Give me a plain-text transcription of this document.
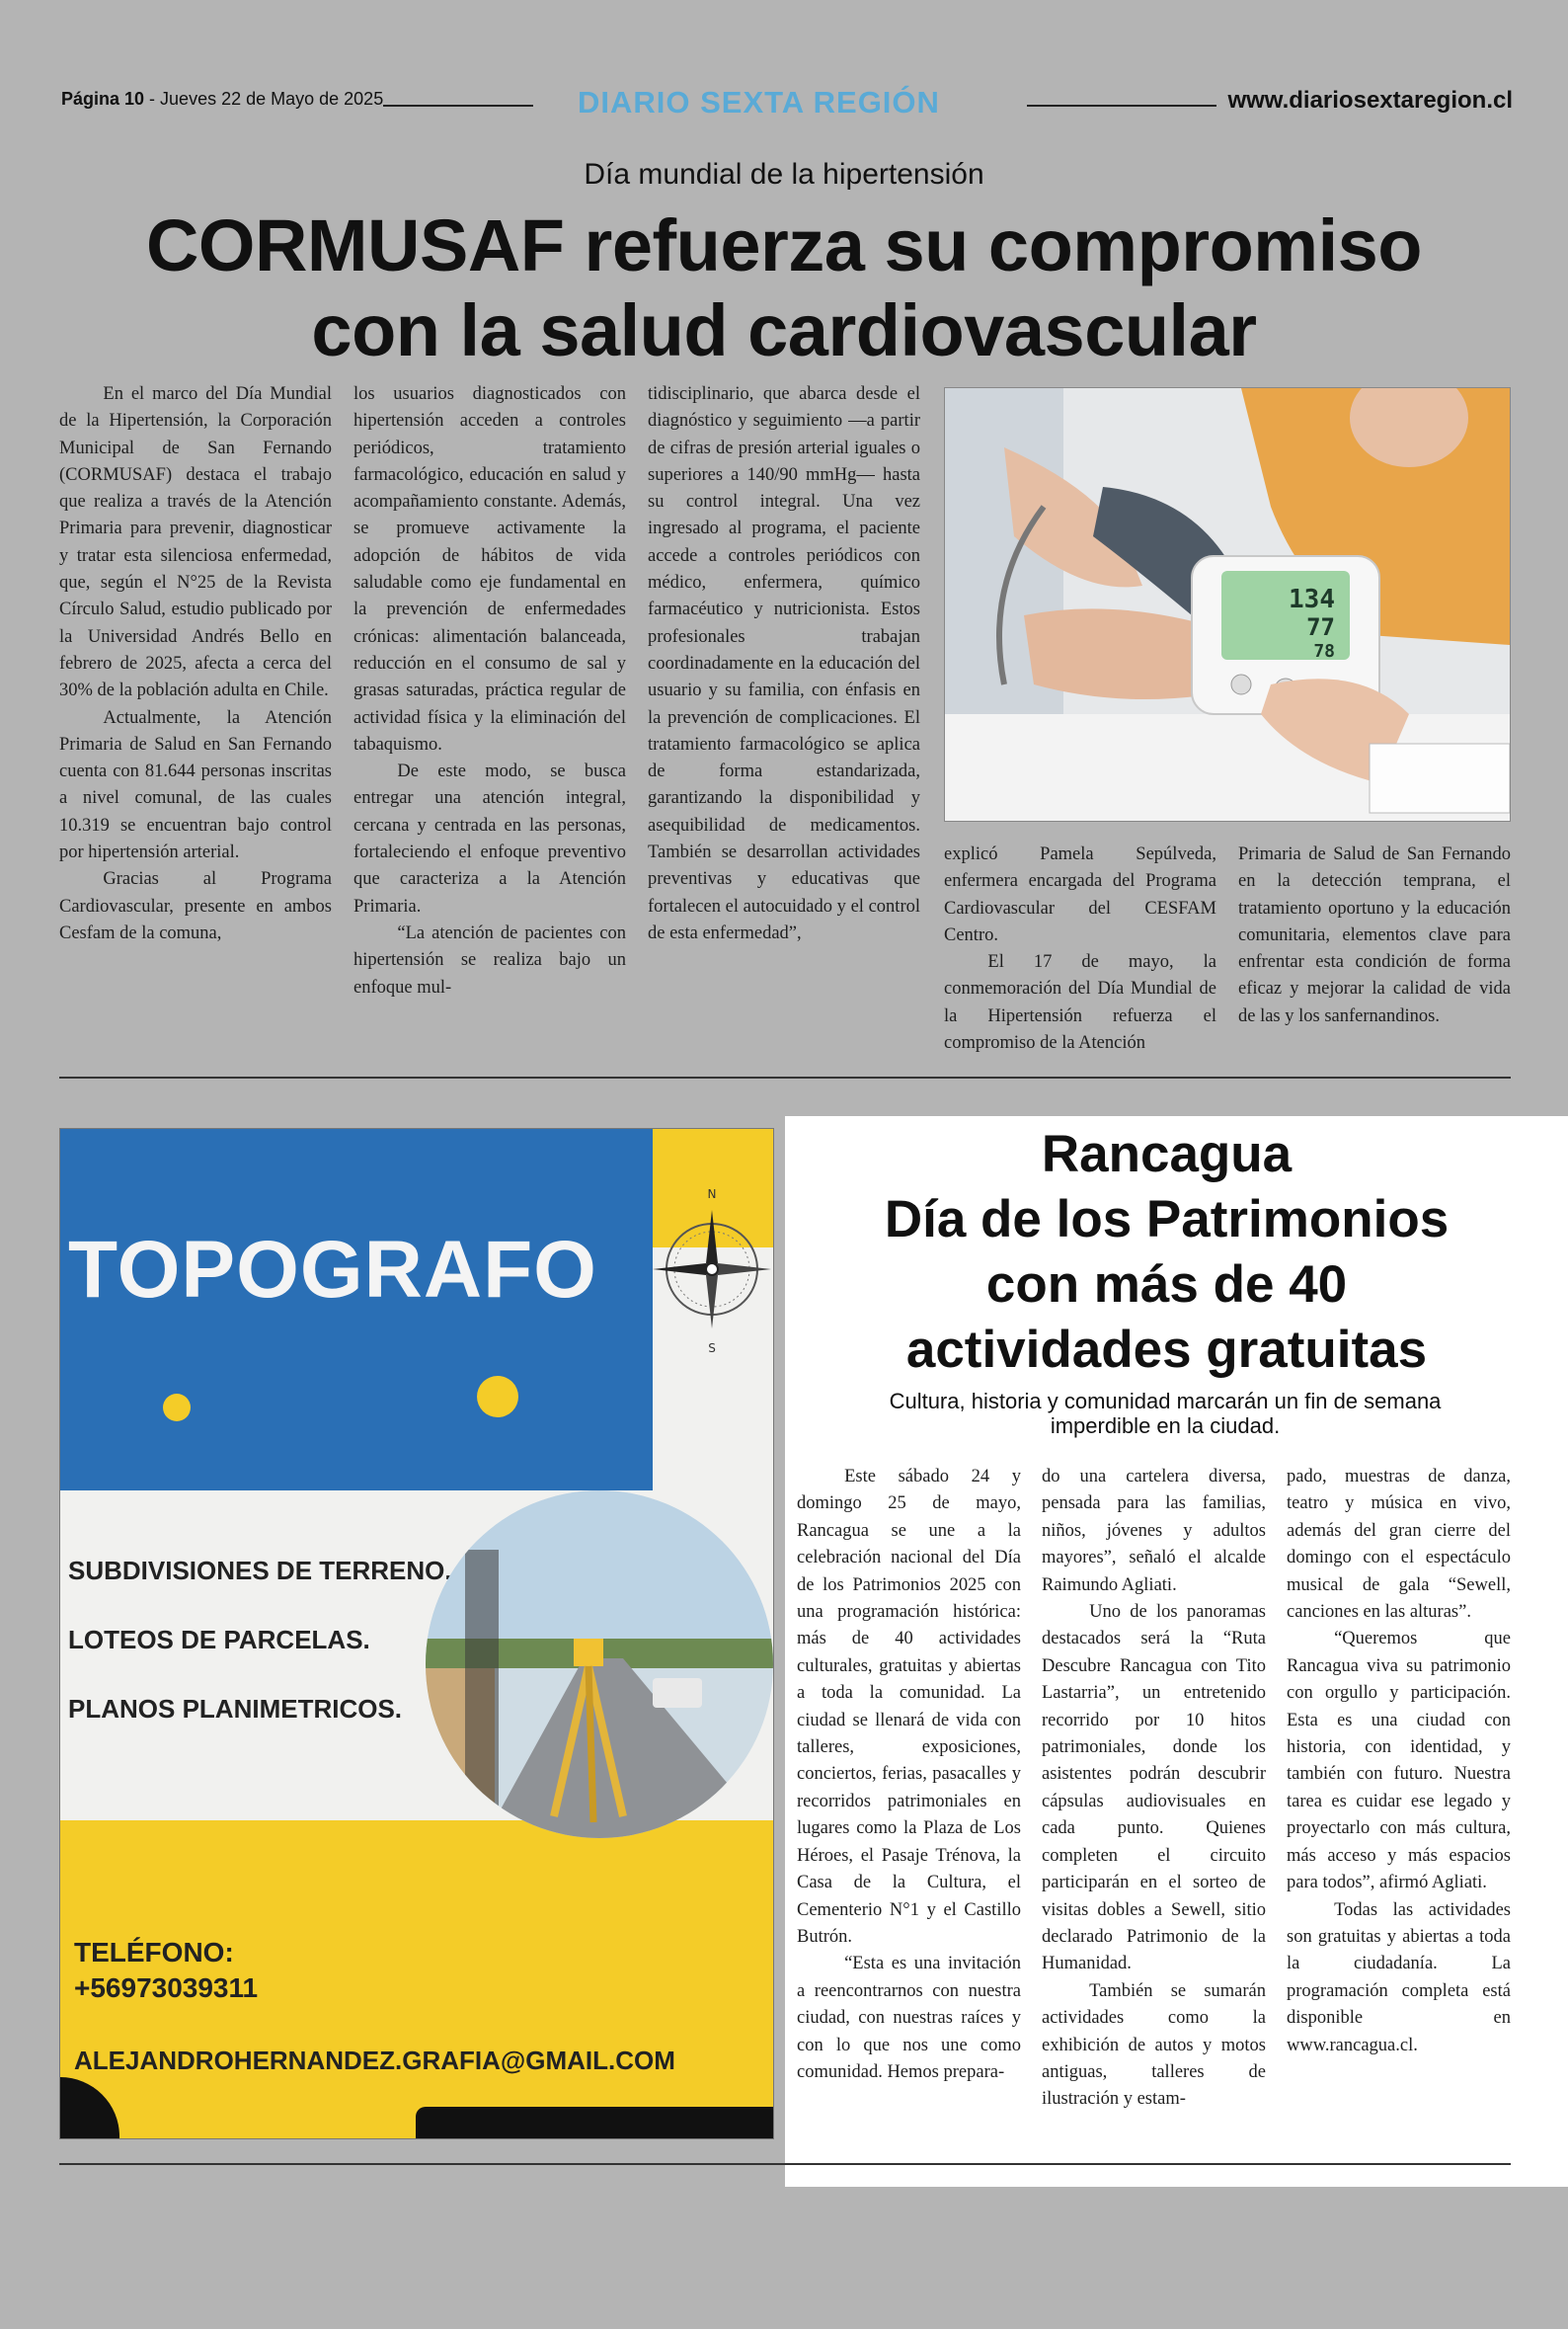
Página 10 - Jueves 22 de Mayo de 2025	DIARIO SEXTA REGIÓN	www.diariosextaregion.cl
Día mundial de la hipertensión
CORMUSAF refuerza su compromiso
con la salud cardiovascular

En el marco del Día Mundial de la Hipertensión, la Corporación Municipal de San Fernando (CORMUSAF) destaca el trabajo que realiza a través de la Atención Primaria para prevenir, diagnosticar y tratar esta silenciosa enfermedad, que, según el N°25 de la Revista Círculo Salud, estudio publicado por la Universidad Andrés Bello en febrero de 2025, afecta a cerca del 30% de la población adulta en Chile.

Actualmente, la Atención Primaria de Salud en San Fernando cuenta con 81.644 personas inscritas a nivel comunal, de las cuales 10.319 se encuentran bajo control por hipertensión arterial.

Gracias al Programa Cardiovascular, presente en ambos Cesfam de la comuna,

los usuarios diagnosticados con hipertensión acceden a controles periódicos, tratamiento farmacológico, educación en salud y acompañamiento constante. Además, se promueve activamente la adopción de hábitos de vida saludable como eje fundamental en la prevención de enfermedades crónicas: alimentación balanceada, reducción en el consumo de sal y grasas saturadas, práctica regular de actividad física y la eliminación del tabaquismo.

De este modo, se busca entregar una atención integral, cercana y centrada en las personas, fortaleciendo el enfoque preventivo que caracteriza a la Atención Primaria.

“La atención de pacientes con hipertensión se realiza bajo un enfoque mul-

tidisciplinario, que abarca desde el diagnóstico y seguimiento —a partir de cifras de presión arterial iguales o superiores a 140/90 mmHg— hasta su control integral. Una vez ingresado al programa, el paciente accede a controles periódicos con médico, enfermera, químico farmacéutico y nutricionista. Estos profesionales trabajan coordinadamente en la educación del usuario y su familia, con énfasis en la prevención de complicaciones. El tratamiento farmacológico se aplica de forma estandarizada, garantizando la disponibilidad y asequibilidad de medicamentos. También se desarrollan actividades preventivas y educativas que fortalecen el autocuidado y el control de esta enfermedad”,

134
77
78

explicó Pamela Sepúlveda, enfermera encargada del Programa Cardiovascular del CESFAM Centro.

El 17 de mayo, la conmemoración del Día Mundial de la Hipertensión refuerza el compromiso de la Atención

Primaria de Salud de San Fernando en la detección temprana, el tratamiento oportuno y la educación comunitaria, elementos clave para enfrentar esta condición de forma eficaz y mejorar la calidad de vida de las y los sanfernandinos.

TOPOGRAFO
N
S
SUBDIVISIONES DE TERRENO.
LOTEOS DE PARCELAS.
PLANOS PLANIMETRICOS.
TELÉFONO:
+56973039311
ALEJANDROHERNANDEZ.GRAFIA@GMAIL.COM
Rancagua
Día de los Patrimonios
con más de 40
actividades gratuitas
Cultura, historia y comunidad marcarán un fin de semana imperdible en la ciudad.

Este sábado 24 y domingo 25 de mayo, Rancagua se une a la celebración nacional del Día de los Patrimonios 2025 con una programación histórica: más de 40 actividades culturales, gratuitas y abiertas a toda la comunidad. La ciudad se llenará de vida con talleres, exposiciones, conciertos, ferias, pasacalles y recorridos patrimoniales en lugares como la Plaza de Los Héroes, el Pasaje Trénova, la Casa de la Cultura, el Cementerio N°1 y el Castillo Butrón.

“Esta es una invitación a reencontrarnos con nuestra ciudad, con nuestras raíces y con lo que nos une como comunidad. Hemos prepara-

do una cartelera diversa, pensada para las familias, niños, jóvenes y adultos mayores”, señaló el alcalde Raimundo Agliati.

Uno de los panoramas destacados será la “Ruta Descubre Rancagua con Tito Lastarria”, un entretenido recorrido por 10 hitos patrimoniales, donde los asistentes podrán descubrir cápsulas audiovisuales en cada punto. Quienes completen el circuito participarán en el sorteo de visitas dobles a Sewell, sitio declarado Patrimonio de la Humanidad.

También se sumarán actividades como la exhibición de autos y motos antiguas, talleres de ilustración y estam-

pado, muestras de danza, teatro y música en vivo, además del gran cierre del domingo con el espectáculo musical de gala “Sewell, canciones en las alturas”.

“Queremos que Rancagua viva su patrimonio con orgullo y participación. Esta es una ciudad con historia, con identidad, y también con futuro. Nuestra tarea es cuidar ese legado y proyectarlo con más cultura, más acceso y más espacios para todos”, afirmó Agliati.

Todas las actividades son gratuitas y abiertas a toda la ciudadanía. La programación completa está disponible en www.rancagua.cl.
